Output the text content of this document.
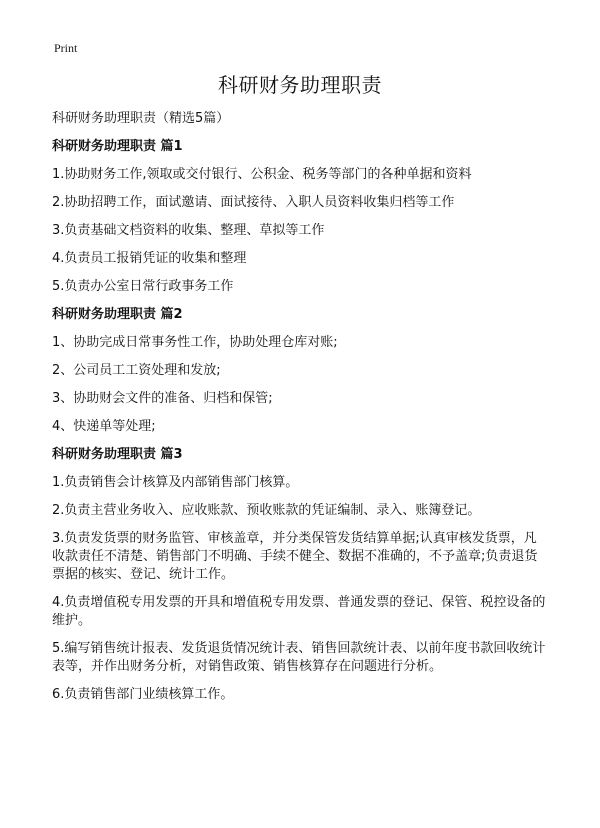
Print
科研财务助理职责
科研财务助理职责（精选5篇）
科研财务助理职责 篇1
1.协助财务工作,领取或交付银行、公积金、税务等部门的各种单据和资料
2.协助招聘工作，面试邀请、面试接待、入职人员资料收集归档等工作
3.负责基础文档资料的收集、整理、草拟等工作
4.负责员工报销凭证的收集和整理
5.负责办公室日常行政事务工作
科研财务助理职责 篇2
1、协助完成日常事务性工作，协助处理仓库对账;
2、公司员工工资处理和发放;
3、协助财会文件的准备、归档和保管;
4、快递单等处理;
科研财务助理职责 篇3
1.负责销售会计核算及内部销售部门核算。
2.负责主营业务收入、应收账款、预收账款的凭证编制、录入、账簿登记。
3.负责发货票的财务监管、审核盖章，并分类保管发货结算单据;认真审核发货票，凡收款责任不清楚、销售部门不明确、手续不健全、数据不准确的，不予盖章;负责退货票据的核实、登记、统计工作。
4.负责增值税专用发票的开具和增值税专用发票、普通发票的登记、保管、税控设备的维护。
5.编写销售统计报表、发货退货情况统计表、销售回款统计表、以前年度书款回收统计表等，并作出财务分析，对销售政策、销售核算存在问题进行分析。
6.负责销售部门业绩核算工作。
